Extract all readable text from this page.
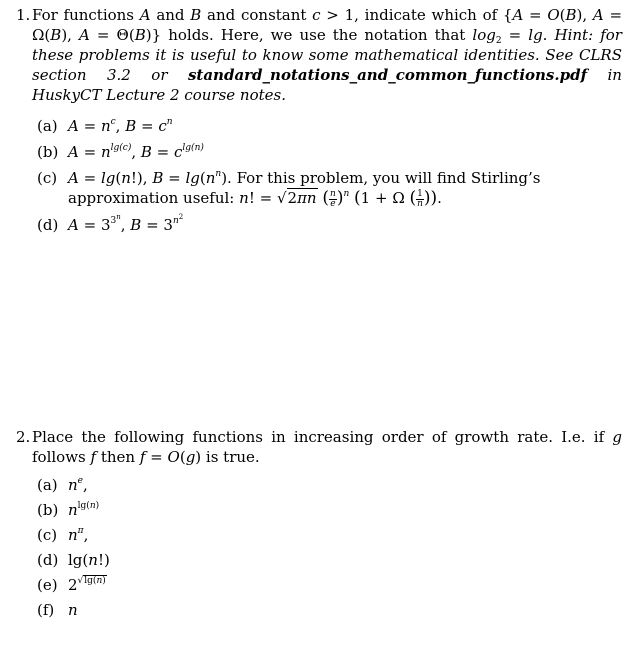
1. For functions A and B and constant c > 1, indicate which of {A = O(B), A = Ω(B), A = Θ(B)} holds. Here, we use the notation that $\log_2 = \lg$. Hint: for these problems it is useful to know some mathematical identities. See CLRS section 3.2 or standard_notations_and_common_functions.pdf in HuskyCT Lecture 2 course notes.

(a) $A = n^c$, $B = c^n$
(b) $A = n^{lg(c)}$, $B = c^{lg(n)}$
(c) A = lg(n!), $B = \lg(n^n)$. For this problem, you will find Stirling’s approximation useful: n! = √2πn ( $\frac{n}{e} )^n$ (1 + Ω ( $\frac{1}{n}$ )).
(d) $A = 3^{3^n}$, $B = 3^{n^2}$

2. Place the following functions in increasing order of growth rate. I.e. if g follows f then f = O(g) is true.

(a) $n^e$,
(b) $n^{lg(n)}$
(c) $n^\pi$,
(d) lg(n!)
(e) $2^{√lg(n)}$
(f) n
